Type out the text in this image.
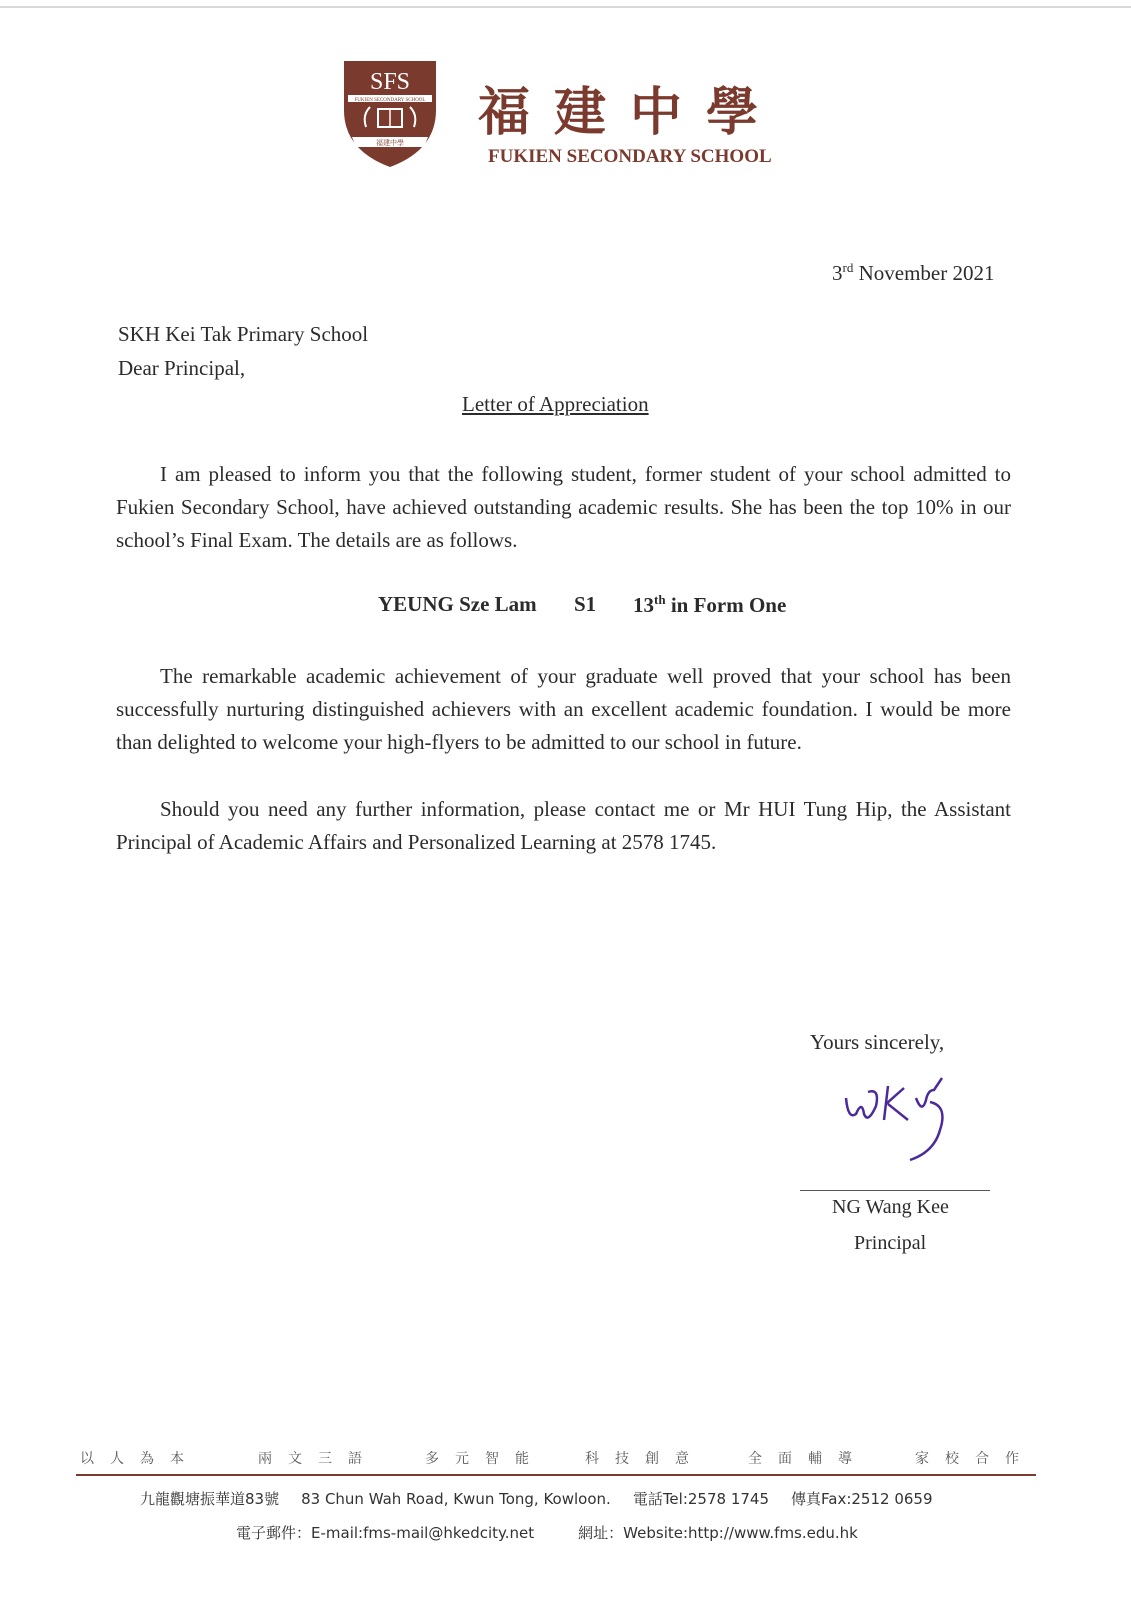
SFS
FUKIEN SECONDARY SCHOOL
福建中學 福建中學
FUKIEN SECONDARY SCHOOL
3rd November 2021
SKH Kei Tak Primary School
Dear Principal,
Letter of Appreciation
I am pleased to inform you that the following student, former student of your school admitted to Fukien Secondary School, have achieved outstanding academic results. She has been the top 10% in our school’s Final Exam. The details are as follows.
YEUNG Sze Lam S1 13th in Form One
The remarkable academic achievement of your graduate well proved that your school has been successfully nurturing distinguished achievers with an excellent academic foundation. I would be more than delighted to welcome your high-flyers to be admitted to our school in future.
Should you need any further information, please contact me or Mr HUI Tung Hip, the Assistant Principal of Academic Affairs and Personalized Learning at 2578 1745.
Yours sincerely,
NG Wang Kee
Principal
以人為本	兩文三語	多元智能	科技創意	全面輔導	家校合作
九龍觀塘振華道83號 83 Chun Wah Road, Kwun Tong, Kowloon. 電話Tel:2578 1745 傳真Fax:2512 0659
電子郵件：E-mail:fms-mail@hkedcity.net	網址：Website:http://www.fms.edu.hk
